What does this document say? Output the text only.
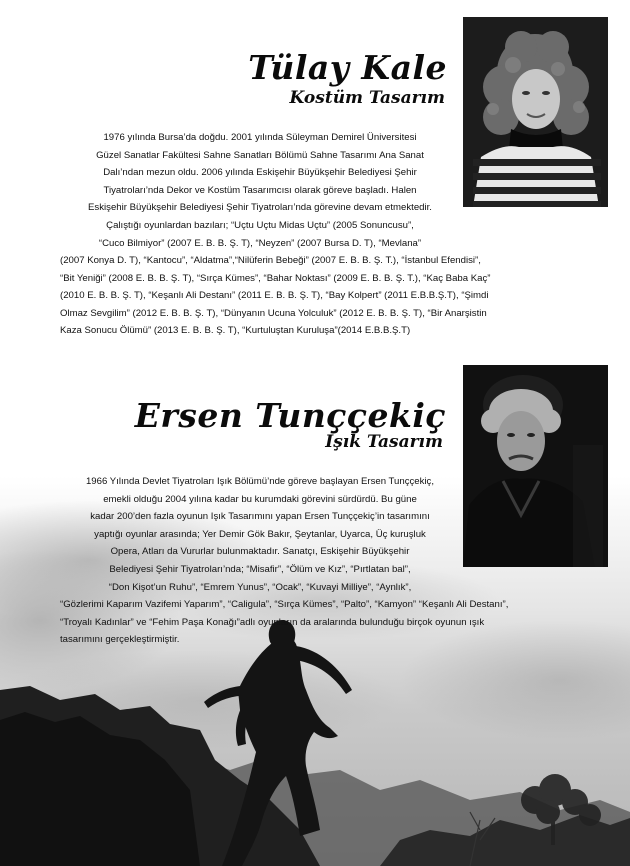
Tülay Kale
Kostüm Tasarım

1976 yılında Bursa’da doğdu. 2001 yılında Süleyman Demirel Üniversitesi
Güzel Sanatlar Fakültesi Sahne Sanatları Bölümü Sahne Tasarımı Ana Sanat
Dalı’ndan mezun oldu. 2006 yılında Eskişehir Büyükşehir Belediyesi Şehir
Tiyatroları’nda Dekor ve Kostüm Tasarımcısı olarak göreve başladı. Halen
Eskişehir Büyükşehir Belediyesi Şehir Tiyatroları’nda görevine devam etmektedir.
Çalıştığı oyunlardan bazıları; “Uçtu Uçtu Midas Uçtu” (2005 Sonuncusu”,
“Cuco Bilmiyor” (2007 E. B. B. Ş. T), “Neyzen” (2007 Bursa D. T), “Mevlana”

(2007 Konya D. T), “Kantocu”, “Aldatma”,“Nilüferin Bebeği” (2007 E. B. B. Ş. T.), “İstanbul Efendisi”,
“Bit Yeniği” (2008 E. B. B. Ş. T), “Sırça Kümes”, “Bahar Noktası” (2009 E. B. B. Ş. T.), “Kaç Baba Kaç”
(2010 E. B. B. Ş. T), “Keşanlı Ali Destanı” (2011 E. B. B. Ş. T), “Bay Kolpert” (2011 E.B.B.Ş.T), “Şimdi
Olmaz Sevgilim” (2012 E. B. B. Ş. T), “Dünyanın Ucuna Yolculuk” (2012 E. B. B. Ş. T), “Bir Anarşistin
Kaza Sonucu Ölümü” (2013 E. B. B. Ş. T), “Kurtuluştan Kuruluşa”(2014 E.B.B.Ş.T)

Ersen Tunççekiç
Işık Tasarım

1966 Yılında Devlet Tiyatroları Işık Bölümü’nde göreve başlayan Ersen Tunççekiç,
emekli olduğu 2004 yılına kadar bu kurumdaki görevini sürdürdü. Bu güne
kadar 200’den fazla oyunun Işık Tasarımını yapan Ersen Tunççekiç’in tasarımını
yaptığı oyunlar arasında; Yer Demir Gök Bakır, Şeytanlar, Uyarca, Üç kuruşluk
Opera, Atları da Vururlar bulunmaktadır. Sanatçı, Eskişehir Büyükşehir
Belediyesi Şehir Tiyatroları’nda; “Misafir”, “Ölüm ve Kız”, “Pırtlatan bal”,
“Don Kişot’un Ruhu”, “Emrem Yunus”, “Ocak”, “Kuvayi Milliye”, “Aynlık”,

“Gözlerimi Kaparım Vazifemi Yaparım”, “Caligula”, “Sırça Kümes”, “Palto”, “Kamyon” “Keşanlı Ali Destanı”,
“Troyalı Kadınlar” ve “Fehim Paşa Konağı”adlı oyunların da aralarında bulunduğu birçok oyunun ışık
tasarımını gerçekleştirmiştir.
